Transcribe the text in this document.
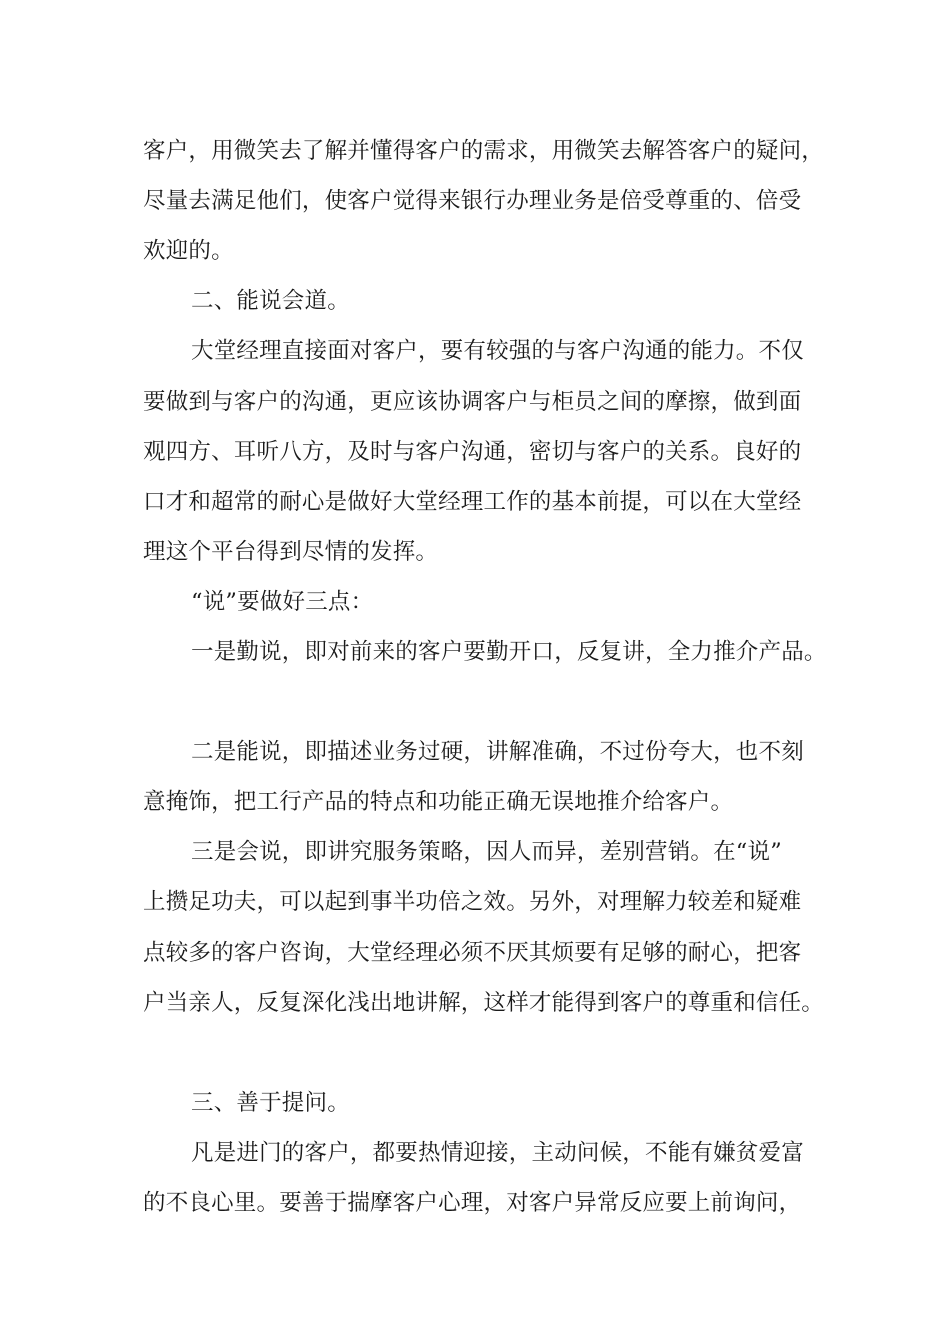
客户，用微笑去了解并懂得客户的需求，用微笑去解答客户的疑问，
尽量去满足他们，使客户觉得来银行办理业务是倍受尊重的、倍受
欢迎的。
二、能说会道。
大堂经理直接面对客户，要有较强的与客户沟通的能力。不仅
要做到与客户的沟通，更应该协调客户与柜员之间的摩擦，做到面
观四方、耳听八方，及时与客户沟通，密切与客户的关系。良好的
口才和超常的耐心是做好大堂经理工作的基本前提，可以在大堂经
理这个平台得到尽情的发挥。
“说”要做好三点：
一是勤说，即对前来的客户要勤开口，反复讲，全力推介产品。
二是能说，即描述业务过硬，讲解准确，不过份夸大，也不刻
意掩饰，把工行产品的特点和功能正确无误地推介给客户。
三是会说，即讲究服务策略，因人而异，差别营销。在“说”
上攒足功夫，可以起到事半功倍之效。另外，对理解力较差和疑难
点较多的客户咨询，大堂经理必须不厌其烦要有足够的耐心，把客
户当亲人，反复深化浅出地讲解，这样才能得到客户的尊重和信任。
三、善于提问。
凡是进门的客户，都要热情迎接，主动问候，不能有嫌贫爱富
的不良心里。要善于揣摩客户心理，对客户异常反应要上前询问，
